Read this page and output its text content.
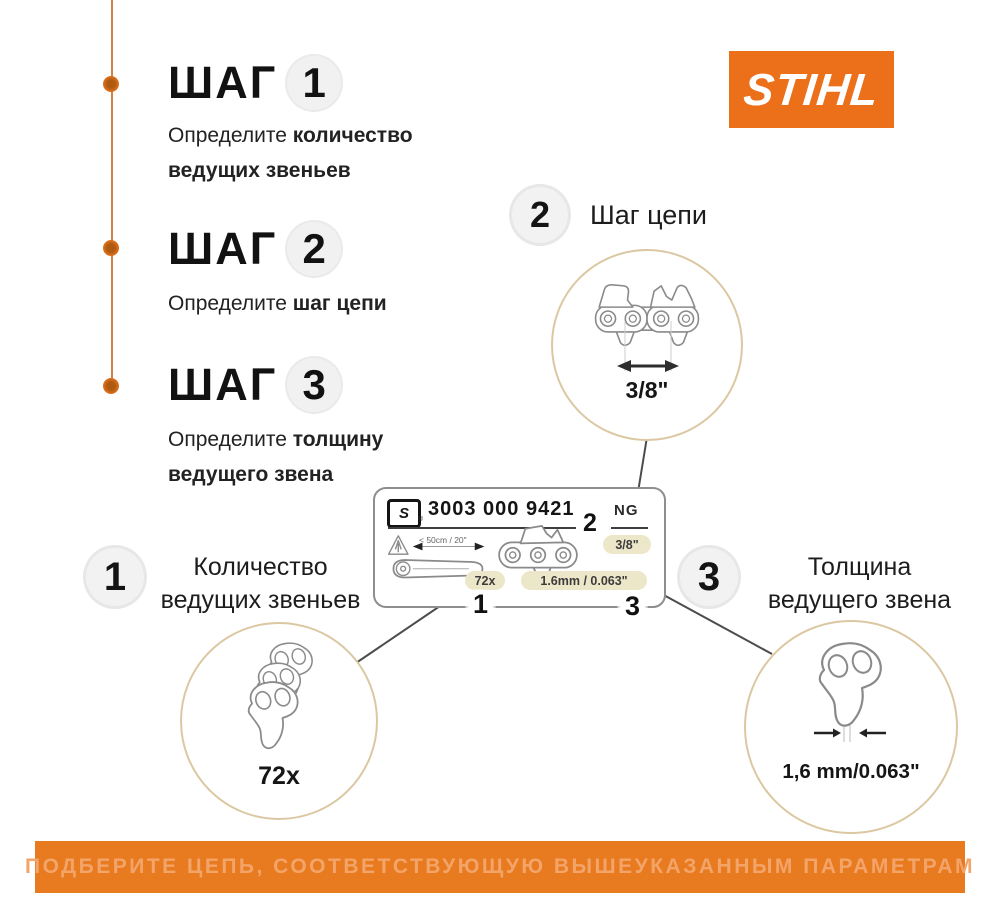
ШАГ 1
Определите количество ведущих звеньев
ШАГ 2
Определите шаг цепи
ШАГ 3
Определите толщину ведущего звена
STIHL
2	Шаг цепи
3/8"
S	® 3003 000 9421	NG
2
3/8"
< 50cm / 20"
72x	1.6mm / 0.063"
1	3
1	Количество
ведущих звеньев
72x
3	Толщина
ведущего звена
1,6 mm/0.063"
ПОДБЕРИТЕ ЦЕПЬ, СООТВЕТСТВУЮЩУЮ ВЫШЕУКАЗАННЫМ ПАРАМЕТРАМ
